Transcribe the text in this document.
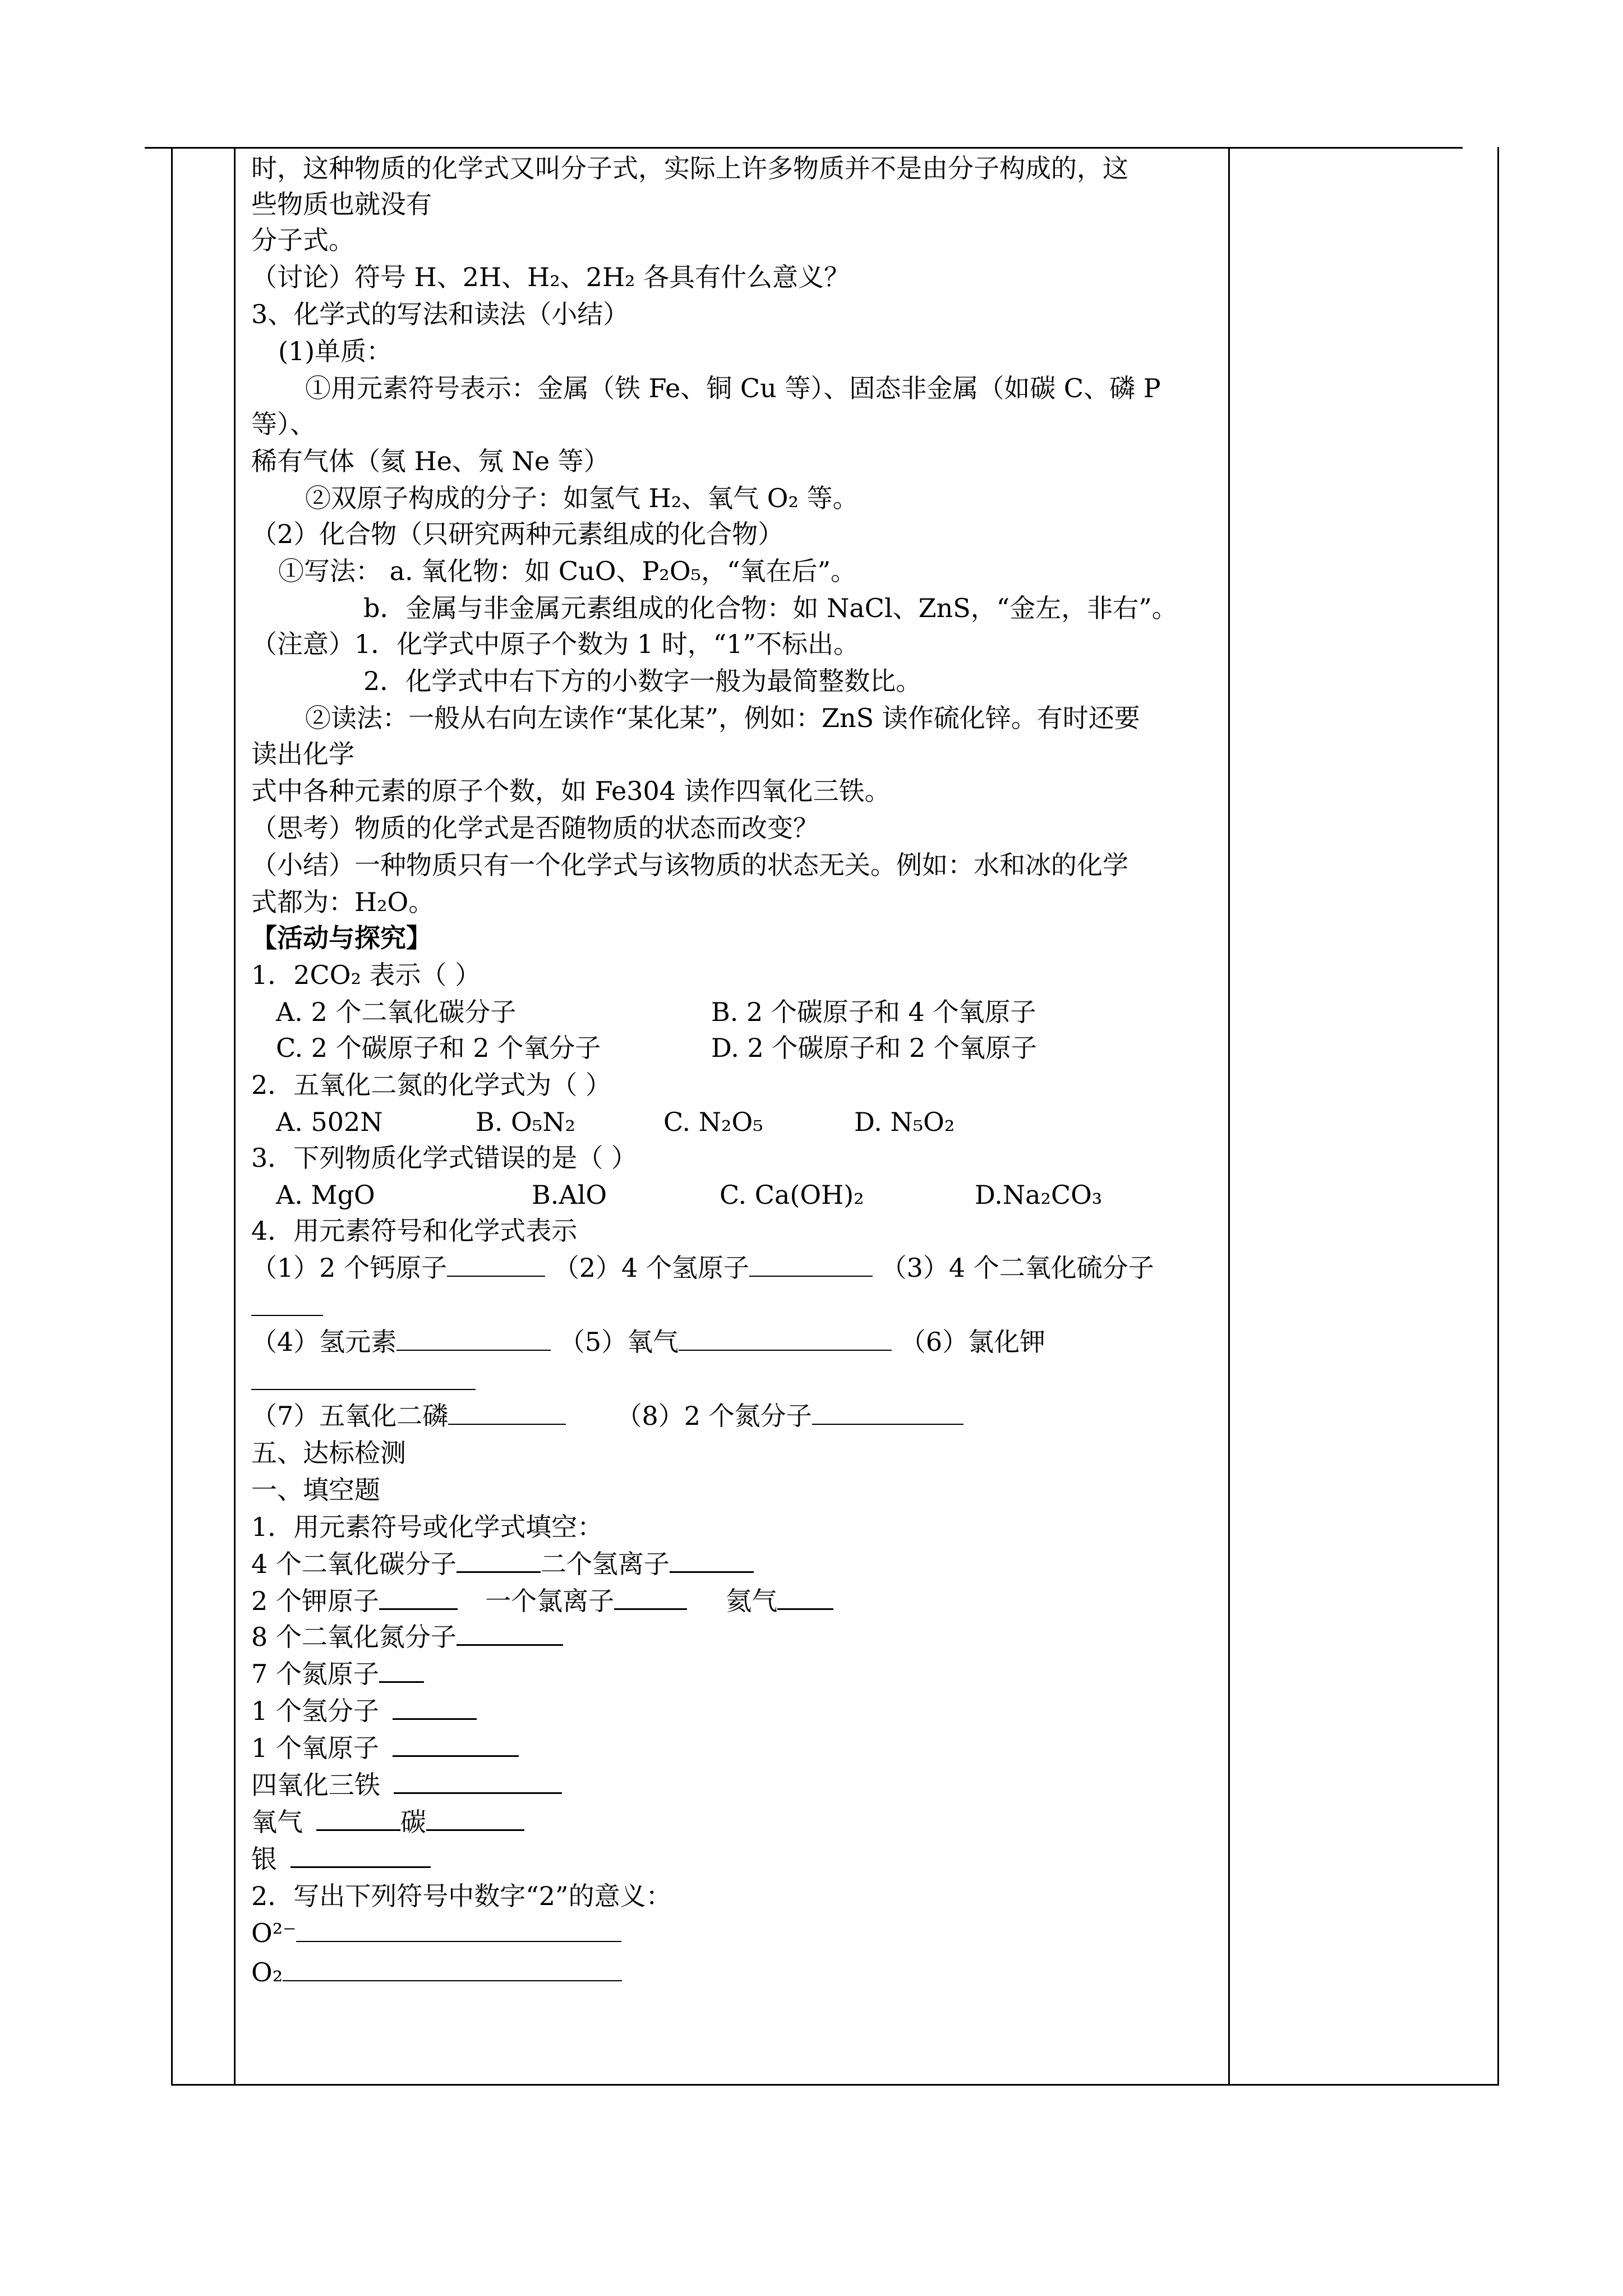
时，这种物质的化学式又叫分子式，实际上许多物质并不是由分子构成的，这
些物质也就没有
分子式。
（讨论）符号 H、2H、H₂、2H₂ 各具有什么意义？
3、化学式的写法和读法（小结）
(1)单质：
①用元素符号表示：金属（铁 Fe、铜 Cu 等）、固态非金属（如碳 C、磷 P
等）、
稀有气体（氦 He、氖 Ne 等）
②双原子构成的分子：如氢气 H₂、氧气 O₂ 等。
（2）化合物（只研究两种元素组成的化合物）
①写法： a. 氧化物：如 CuO、P₂O₅，“氧在后”。
b．金属与非金属元素组成的化合物：如 NaCl、ZnS，“金左，非右”。
（注意）1．化学式中原子个数为 1 时，“1”不标出。
2．化学式中右下方的小数字一般为最简整数比。
②读法：一般从右向左读作“某化某”，例如：ZnS 读作硫化锌。有时还要
读出化学
式中各种元素的原子个数，如 Fe304 读作四氧化三铁。
（思考）物质的化学式是否随物质的状态而改变？
（小结）一种物质只有一个化学式与该物质的状态无关。例如：水和冰的化学
式都为：H₂O。
【活动与探究】
1．2CO₂ 表示（ ）
A. 2 个二氧化碳分子	B. 2 个碳原子和 4 个氧原子
C. 2 个碳原子和 2 个氧分子	D. 2 个碳原子和 2 个氧原子
2．五氧化二氮的化学式为（ ）
A. 502N	B. O₅N₂	C. N₂O₅	D. N₅O₂
3．下列物质化学式错误的是（ ）
A. MgO	B.AlO	C. Ca(OH)₂	D.Na₂CO₃
4．用元素符号和化学式表示
（1）2 个钙原子	（2）4 个氢原子	（3）4 个二氧化硫分子
（4）氢元素	（5）氧气	（6）氯化钾
（7）五氧化二磷	（8）2 个氮分子
五、达标检测
一、填空题
1．用元素符号或化学式填空：
4 个二氧化碳分子	二个氢离子
2 个钾原子	一个氯离子	氦气
8 个二氧化氮分子
7 个氮原子
1 个氢分子
1 个氧原子
四氧化三铁
氧气	碳
银
2．写出下列符号中数字“2”的意义：
O²⁻
O₂
